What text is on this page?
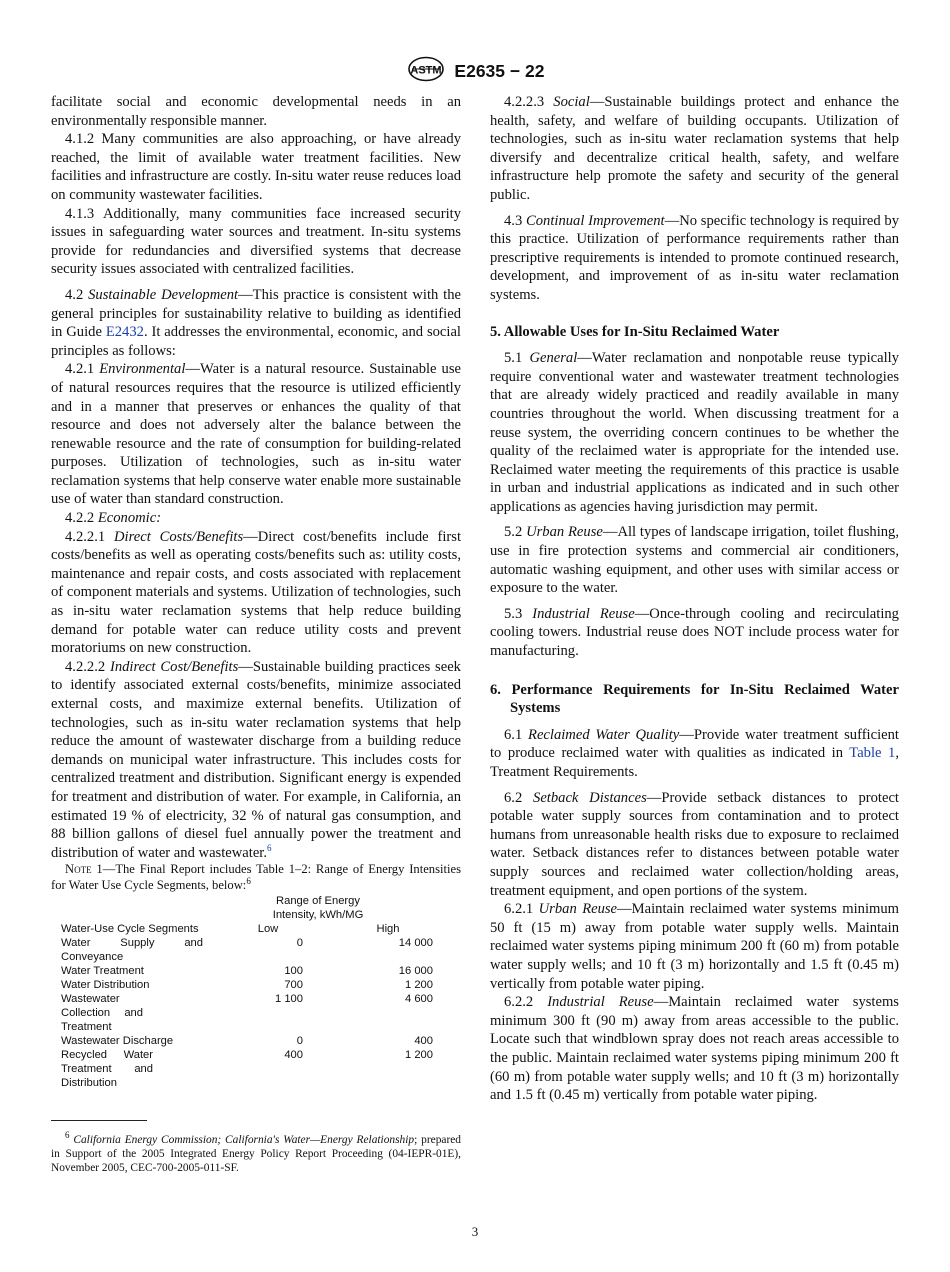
ASTM E2635 − 22

facilitate social and economic developmental needs in an environmentally responsible manner.

4.1.2 Many communities are also approaching, or have already reached, the limit of available water treatment facilities. New facilities and infrastructure are costly. In-situ water reuse reduces load on community wastewater facilities.

4.1.3 Additionally, many communities face increased security issues in safeguarding water sources and treatment. In-situ systems provide for redundancies and diversified systems that decrease security issues associated with centralized facilities.

4.2 Sustainable Development—This practice is consistent with the general principles for sustainability relative to building as identified in Guide E2432. It addresses the environmental, economic, and social principles as follows:

4.2.1 Environmental—Water is a natural resource. Sustainable use of natural resources requires that the resource is utilized efficiently and in a manner that preserves or enhances the quality of that resource and does not adversely alter the balance between the renewable resource and the rate of consumption for building-related purposes. Utilization of technologies, such as in-situ water reclamation systems that help conserve water enable more sustainable use of water than standard construction.

4.2.2 Economic:

4.2.2.1 Direct Costs/Benefits—Direct cost/benefits include first costs/benefits as well as operating costs/benefits such as: utility costs, maintenance and repair costs, and costs associated with replacement of component materials and systems. Utilization of technologies, such as in-situ water reclamation systems that help reduce building demand for potable water can reduce utility costs and prevent moratoriums on new construction.

4.2.2.2 Indirect Cost/Benefits—Sustainable building practices seek to identify associated external costs/benefits, minimize associated external costs, and maximize external benefits. Utilization of technologies, such as in-situ water reclamation systems that help reduce the amount of wastewater discharge from a building reduce demands on municipal water infrastructure. This includes costs for centralized treatment and distribution. Significant energy is expended for treatment and distribution of water. For example, in California, an estimated 19 % of electricity, 32 % of natural gas consumption, and 88 billion gallons of diesel fuel annually power the treatment and distribution of water and wastewater.$^6$

Note 1—The Final Report includes Table 1–2: Range of Energy Intensities for Water Use Cycle Segments, below:$^6$

	Range of Energy
Intensity, kWh/MG	
Water-Use Cycle Segments	Low	High
Water Supply and Conveyance	0	14 000
Water Treatment	100	16 000
Water Distribution	700	1 200
Wastewater Collection and Treatment	1 100	4 600
Wastewater Discharge	0	400
Recycled Water Treatment and Distribution	400	1 200

$^6$ California Energy Commission; California's Water—Energy Relationship; prepared in Support of the 2005 Integrated Energy Policy Report Proceeding (04-IEPR-01E), November 2005, CEC-700-2005-011-SF.

4.2.2.3 Social—Sustainable buildings protect and enhance the health, safety, and welfare of building occupants. Utilization of technologies, such as in-situ water reclamation systems that help diversify and decentralize critical health, safety, and welfare infrastructure help promote the safety and security of the general public.

4.3 Continual Improvement—No specific technology is required by this practice. Utilization of performance requirements rather than prescriptive requirements is intended to promote continued research, development, and improvement of as in-situ water reclamation systems.

5. Allowable Uses for In-Situ Reclaimed Water

5.1 General—Water reclamation and nonpotable reuse typically require conventional water and wastewater treatment technologies that are already widely practiced and readily available in many countries throughout the world. When discussing treatment for a reuse system, the overriding concern continues to be whether the quality of the reclaimed water is appropriate for the intended use. Reclaimed water meeting the requirements of this practice is usable in urban and industrial applications as indicated and in such other applications as agencies having jurisdiction may permit.

5.2 Urban Reuse—All types of landscape irrigation, toilet flushing, use in fire protection systems and commercial air conditioners, automatic washing equipment, and other uses with similar access or exposure to the water.

5.3 Industrial Reuse—Once-through cooling and recirculating cooling towers. Industrial reuse does NOT include process water for manufacturing.

6. Performance Requirements for In-Situ Reclaimed Water Systems

6.1 Reclaimed Water Quality—Provide water treatment sufficient to produce reclaimed water with qualities as indicated in Table 1, Treatment Requirements.

6.2 Setback Distances—Provide setback distances to protect potable water supply sources from contamination and to protect humans from unreasonable health risks due to exposure to reclaimed water. Setback distances refer to distances between potable water supply sources and reclaimed water collection/holding areas, treatment equipment, and open portions of the system.

6.2.1 Urban Reuse—Maintain reclaimed water systems minimum 50 ft (15 m) away from potable water supply wells. Maintain reclaimed water systems piping minimum 200 ft (60 m) from potable water supply wells; and 10 ft (3 m) horizontally and 1.5 ft (0.45 m) vertically from potable water piping.

6.2.2 Industrial Reuse—Maintain reclaimed water systems minimum 300 ft (90 m) away from areas accessible to the public. Locate such that windblown spray does not reach areas accessible to the public. Maintain reclaimed water systems piping minimum 200 ft (60 m) from potable water supply wells; and 10 ft (3 m) horizontally and 1.5 ft (0.45 m) vertically from potable water piping.

3
